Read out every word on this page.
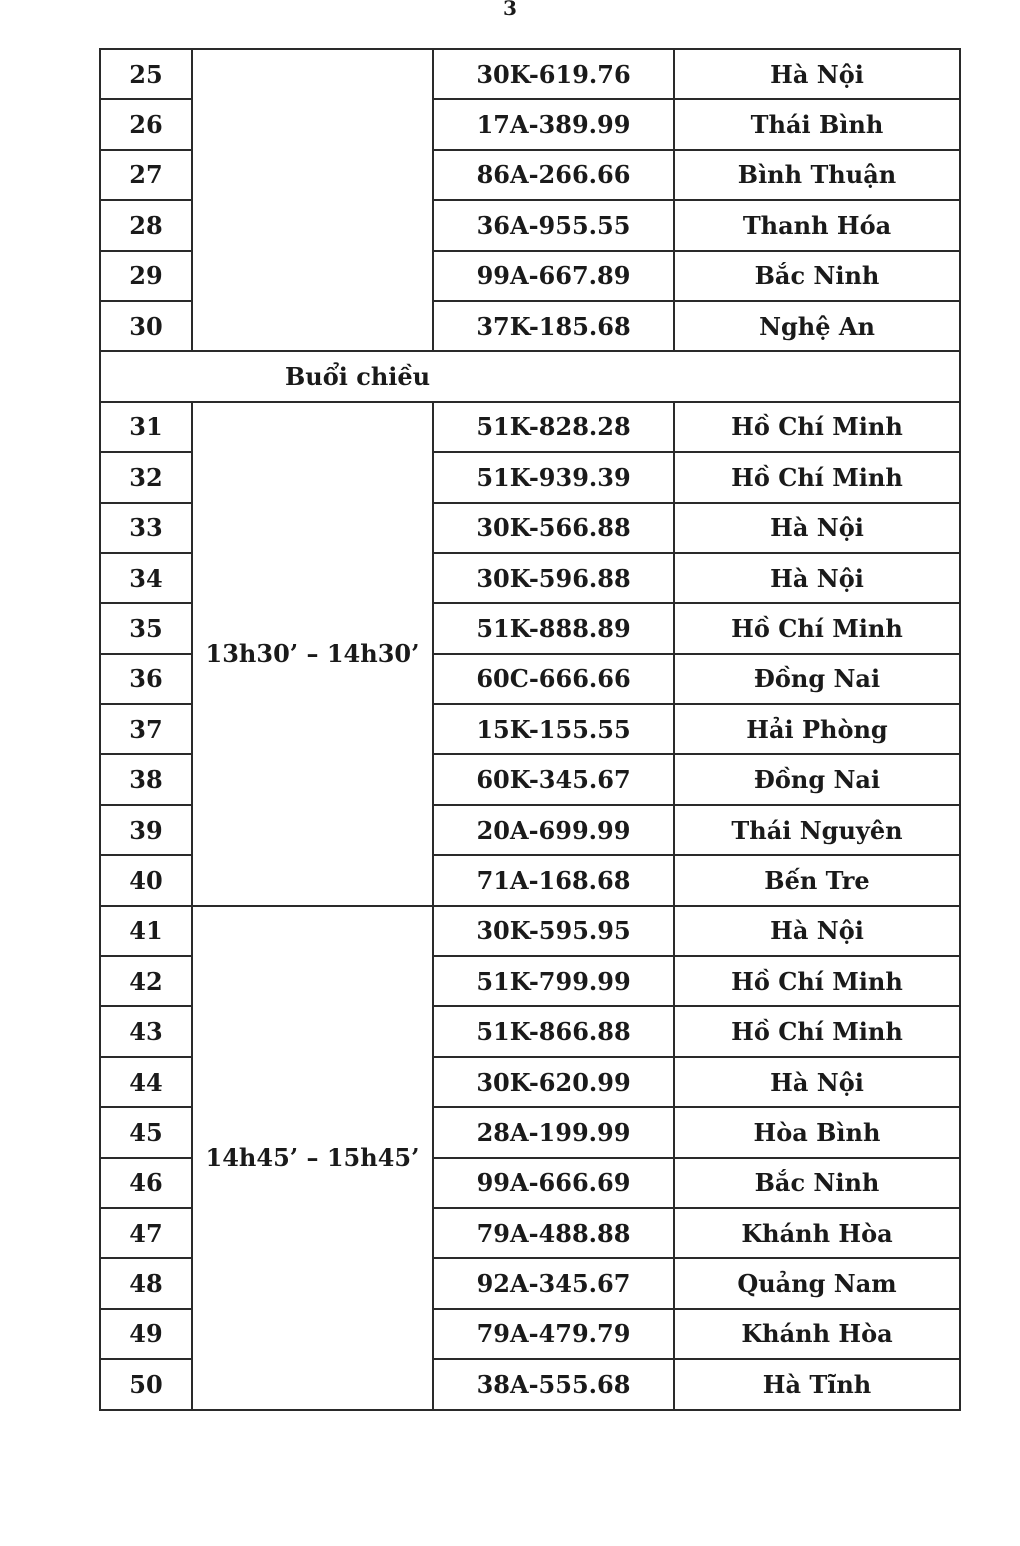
3
25		30K-619.76	Hà Nội
26		17A-389.99	Thái Bình
27		86A-266.66	Bình Thuận
28		36A-955.55	Thanh Hóa
29		99A-667.89	Bắc Ninh
30		37K-185.68	Nghệ An
Buổi chiều			
31	13h30’ – 14h30’	51K-828.28	Hồ Chí Minh
32		51K-939.39	Hồ Chí Minh
33		30K-566.88	Hà Nội
34		30K-596.88	Hà Nội
35		51K-888.89	Hồ Chí Minh
36		60C-666.66	Đồng Nai
37		15K-155.55	Hải Phòng
38		60K-345.67	Đồng Nai
39		20A-699.99	Thái Nguyên
40		71A-168.68	Bến Tre
41	14h45’ – 15h45’	30K-595.95	Hà Nội
42		51K-799.99	Hồ Chí Minh
43		51K-866.88	Hồ Chí Minh
44		30K-620.99	Hà Nội
45		28A-199.99	Hòa Bình
46		99A-666.69	Bắc Ninh
47		79A-488.88	Khánh Hòa
48		92A-345.67	Quảng Nam
49		79A-479.79	Khánh Hòa
50		38A-555.68	Hà Tĩnh
